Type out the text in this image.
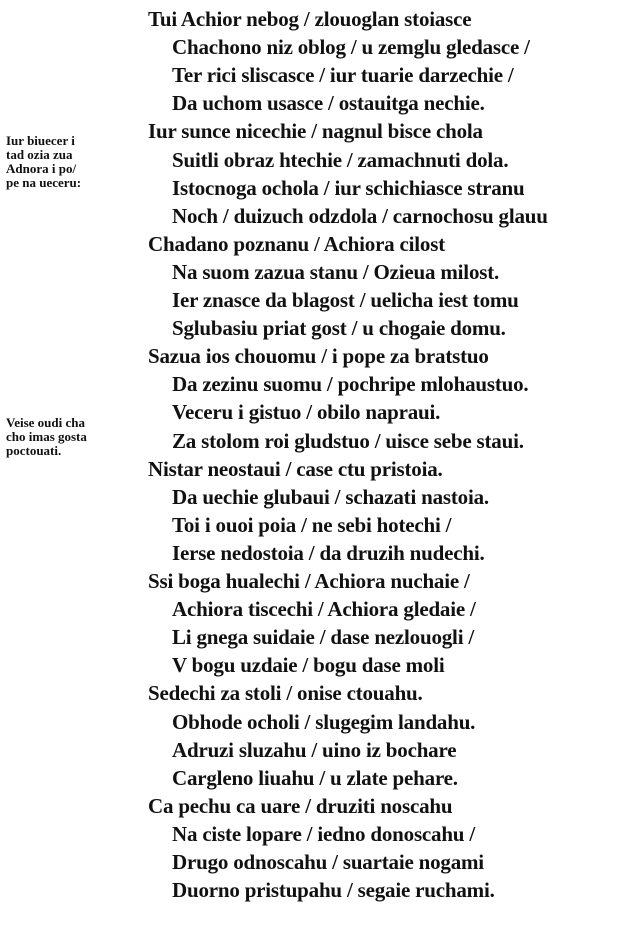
Tui Achior nebog / zlouoglan stoiasce
Chachono niz oblog / u zemglu gledasce /
Ter rici slisсasce / iur tuarie darzechie /
Da uchom usasce / ostauitga nechie.
Iur sunce nicechie / nagnul bisce chola
Suitli obraz htechie / zamachnuti dola.
Istocnoga ochola / iur schichiasce stranu
Noch / duizuch odzdola / carnochosu glauu
Chadano poznanu / Achiora cilost
Na suom zazua stanu / Ozieua milost.
Ier znasce da blagost / uelicha iest tomu
Sglubasiu priat gost / u chogaie domu.
Sazua ios chouomu / i pope za bratstuo
Da zezinu suomu / pochripe mlohaustuo.
Veceru i gistuo / obilo napraui.
Za stolom roi gludstuo / uisce sebe staui.
Nistar neostaui / case ctu pristoia.
Da uechie glubaui / schazati nastoia.
Toi i ouoi poia / ne sebi hotechi /
Ierse nedostoia / da druzih nudechi.
Ssi boga hualechi / Achiora nuchaie /
Achiora tiscechi / Achiora gledaie /
Li gnega suidaie / dase nezlouogli /
V bogu uzdaie / bogu dase moli
Sedechi za stoli / onise ctouahu.
Obhode ocholi / slugegim landahu.
Adruzi sluzahu / uino iz bochare
Cargleno liuahu / u zlate pehare.
Ca pechu ca uare / druziti noscahu
Na ciste lopare / iedno donoscahu /
Drugo odnoscahu / suartaie nogami
Duorno pristupahu / segaie ruchami.
Iur biuecer i
tad ozia zua
Adnora i po/
pe na ueceru:
Veise oudi cha
cho imas gosta
poctouati.
